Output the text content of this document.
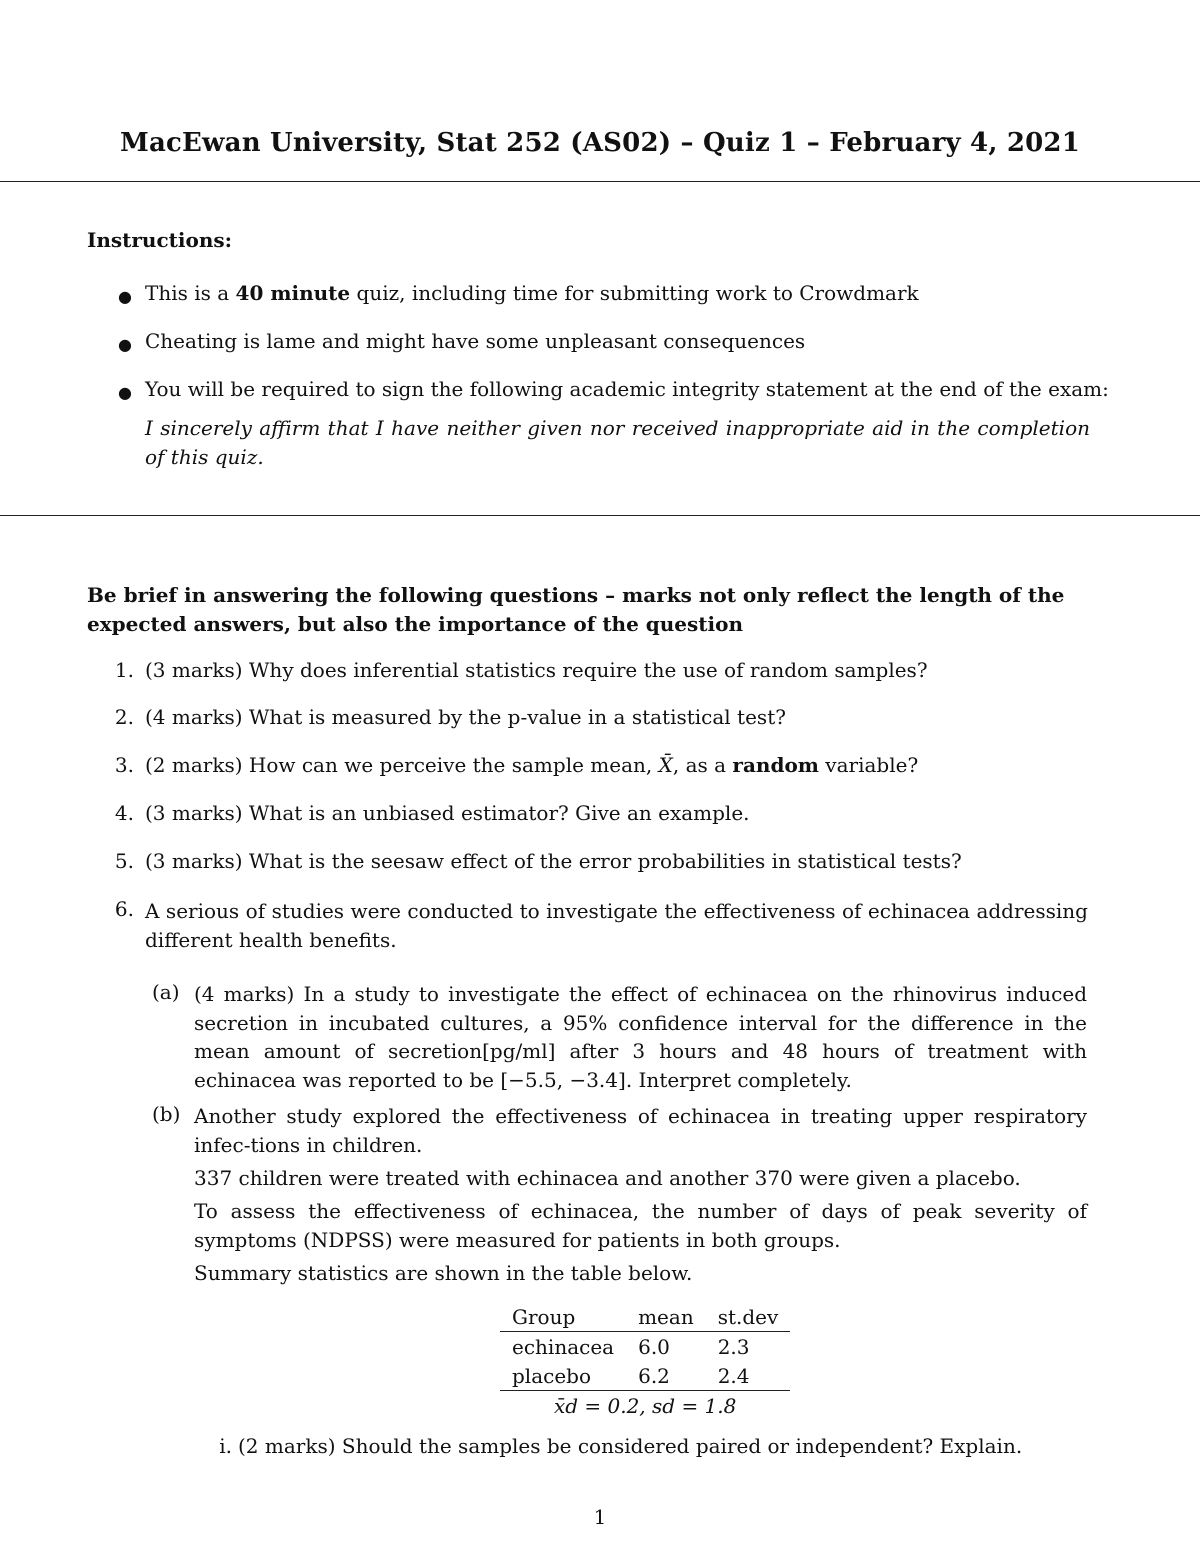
MacEwan University, Stat 252 (AS02) – Quiz 1 – February 4, 2021
Instructions:
● This is a 40 minute quiz, including time for submitting work to Crowdmark
● Cheating is lame and might have some unpleasant consequences
● You will be required to sign the following academic integrity statement at the end of the exam:
I sincerely affirm that I have neither given nor received inappropriate aid in the completion of this quiz.
Be brief in answering the following questions – marks not only reflect the length of the expected answers, but also the importance of the question
1. (3 marks) Why does inferential statistics require the use of random samples?
2. (4 marks) What is measured by the p-value in a statistical test?
3. (2 marks) How can we perceive the sample mean, X̄, as a random variable?
4. (3 marks) What is an unbiased estimator? Give an example.
5. (3 marks) What is the seesaw effect of the error probabilities in statistical tests?
6. A serious of studies were conducted to investigate the effectiveness of echinacea addressing different health benefits.
(a) (4 marks) In a study to investigate the effect of echinacea on the rhinovirus induced secretion in incubated cultures, a 95% confidence interval for the difference in the mean amount of secretion[pg/ml] after 3 hours and 48 hours of treatment with echinacea was reported to be [−5.5, −3.4]. Interpret completely.
(b) Another study explored the effectiveness of echinacea in treating upper respiratory infec-tions in children.
337 children were treated with echinacea and another 370 were given a placebo.
To assess the effectiveness of echinacea, the number of days of peak severity of symptoms (NDPSS) were measured for patients in both groups.
Summary statistics are shown in the table below.
Group	mean	st.dev
echinacea	6.0	2.3
placebo	6.2	2.4
x̄d = 0.2, sd = 1.8		
i. (2 marks) Should the samples be considered paired or independent? Explain.
1
